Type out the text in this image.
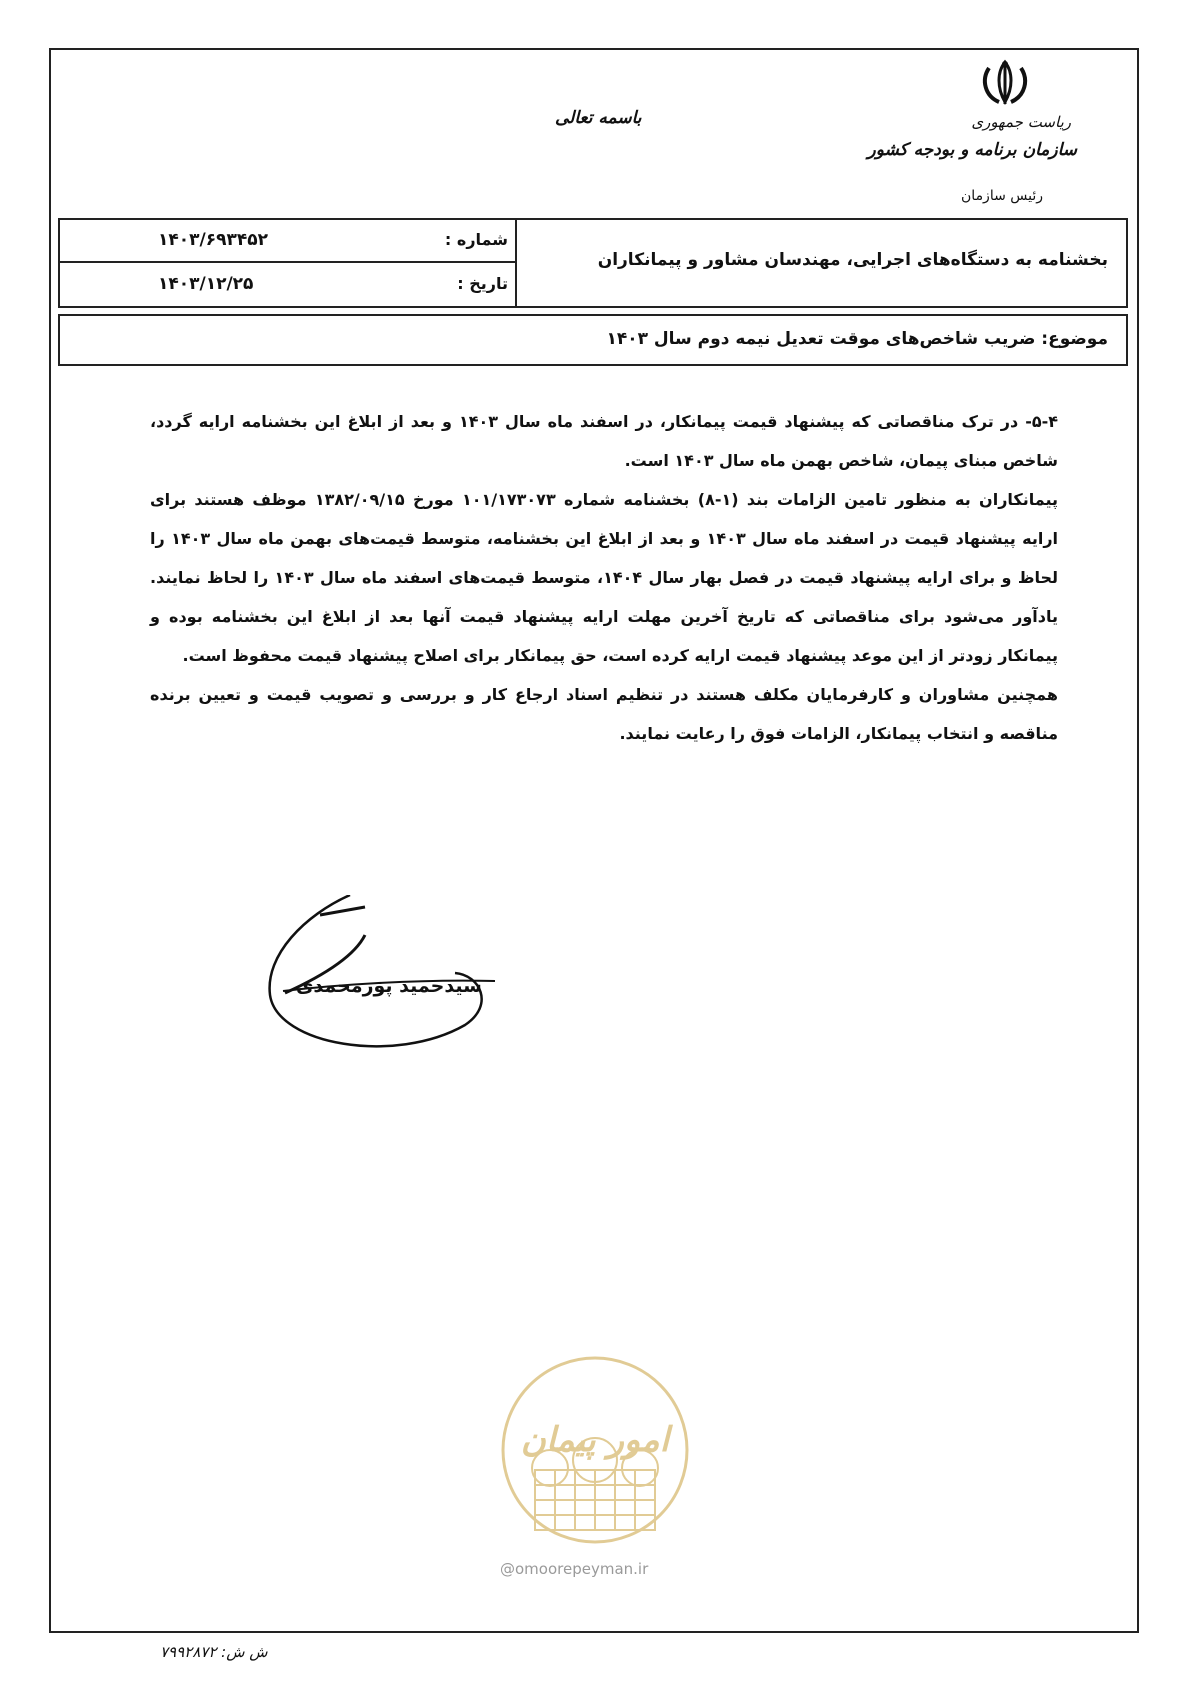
ریاست جمهوری
سازمان برنامه و بودجه کشور
رئیس سازمان
باسمه تعالی
بخشنامه به دستگاه‌های اجرایی، مهندسان مشاور و پیمانکاران
شماره :
۱۴۰۳/۶۹۳۴۵۲
تاریخ :
۱۴۰۳/۱۲/۲۵
موضوع: ضریب شاخص‌های موقت تعدیل نیمه دوم سال ۱۴۰۳

۵-۴- در ترک مناقصاتی که پیشنهاد قیمت پیمانکار، در اسفند ماه سال ۱۴۰۳ و بعد از ابلاغ این بخشنامه ارایه گردد، شاخص مبنای پیمان، شاخص بهمن ماه سال ۱۴۰۳ است.

پیمانکاران به منظور تامین الزامات بند (۱-۸) بخشنامه شماره ۱۰۱/۱۷۳۰۷۳ مورخ ۱۳۸۲/۰۹/۱۵ موظف هستند برای ارایه پیشنهاد قیمت در اسفند ماه سال ۱۴۰۳ و بعد از ابلاغ این بخشنامه، متوسط قیمت‌های بهمن ماه سال ۱۴۰۳ را لحاظ و برای ارایه پیشنهاد قیمت در فصل بهار سال ۱۴۰۴، متوسط قیمت‌های اسفند ماه سال ۱۴۰۳ را لحاظ نمایند. یادآور می‌شود برای مناقصاتی که تاریخ آخرین مهلت ارایه پیشنهاد قیمت آنها بعد از ابلاغ این بخشنامه بوده و پیمانکار زودتر از این موعد پیشنهاد قیمت ارایه کرده است، حق پیمانکار برای اصلاح پیشنهاد قیمت محفوظ است.

همچنین مشاوران و کارفرمایان مکلف هستند در تنظیم اسناد ارجاع کار و بررسی و تصویب قیمت و تعیین برنده مناقصه و انتخاب پیمانکار، الزامات فوق را رعایت نمایند.

سیدحمید پورمحمدی
امور پیمان
@omoorepeyman.ir
ش ش: ۷۹۹۲۸۷۲
